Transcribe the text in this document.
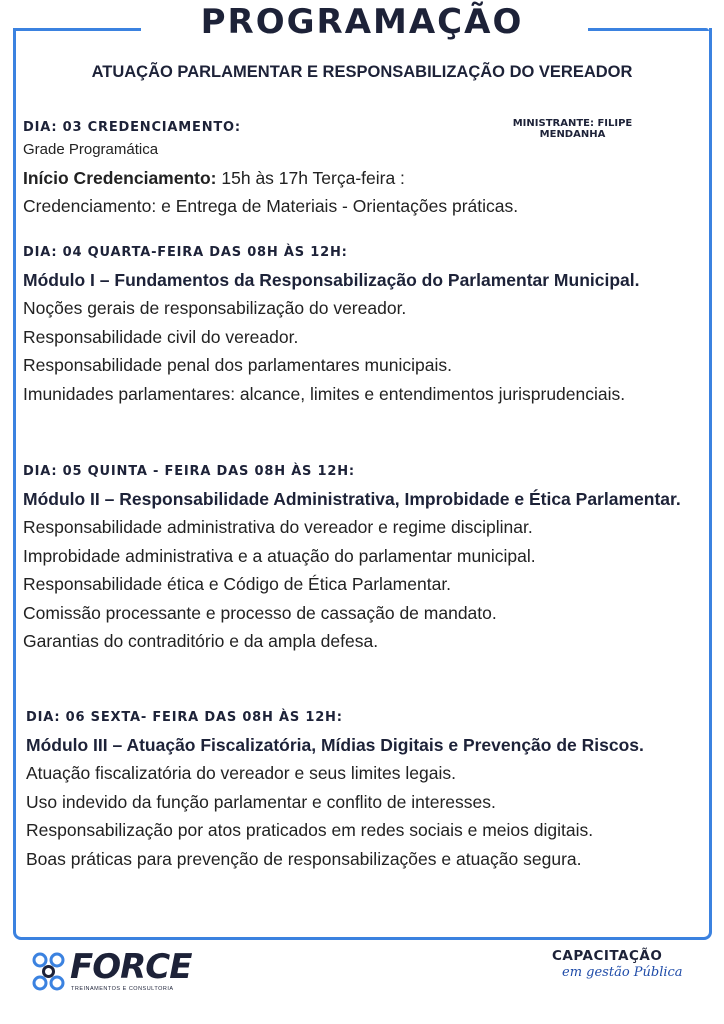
PROGRAMAÇÃO
ATUAÇÃO PARLAMENTAR E RESPONSABILIZAÇÃO DO VEREADOR
MINISTRANTE: FILIPE
MENDANHA
DIA: 03 CREDENCIAMENTO:
Grade Programática
Início Credenciamento: 15h às 17h Terça-feira :
Credenciamento: e Entrega de Materiais - Orientações práticas.
DIA: 04 QUARTA-FEIRA DAS 08H ÀS 12H:
Módulo I – Fundamentos da Responsabilização do Parlamentar Municipal.
Noções gerais de responsabilização do vereador.
Responsabilidade civil do vereador.
Responsabilidade penal dos parlamentares municipais.
Imunidades parlamentares: alcance, limites e entendimentos jurisprudenciais.
DIA: 05 QUINTA - FEIRA DAS 08H ÀS 12H:
Módulo II – Responsabilidade Administrativa, Improbidade e Ética Parlamentar.
Responsabilidade administrativa do vereador e regime disciplinar.
Improbidade administrativa e a atuação do parlamentar municipal.
Responsabilidade ética e Código de Ética Parlamentar.
Comissão processante e processo de cassação de mandato.
Garantias do contraditório e da ampla defesa.
DIA: 06 SEXTA- FEIRA DAS 08H ÀS 12H:
Módulo III – Atuação Fiscalizatória, Mídias Digitais e Prevenção de Riscos.
Atuação fiscalizatória do vereador e seus limites legais.
Uso indevido da função parlamentar e conflito de interesses.
Responsabilização por atos praticados em redes sociais e meios digitais.
Boas práticas para prevenção de responsabilizações e atuação segura.
FORCE
TREINAMENTOS E CONSULTORIA
CAPACITAÇÃO
em gestão Pública
